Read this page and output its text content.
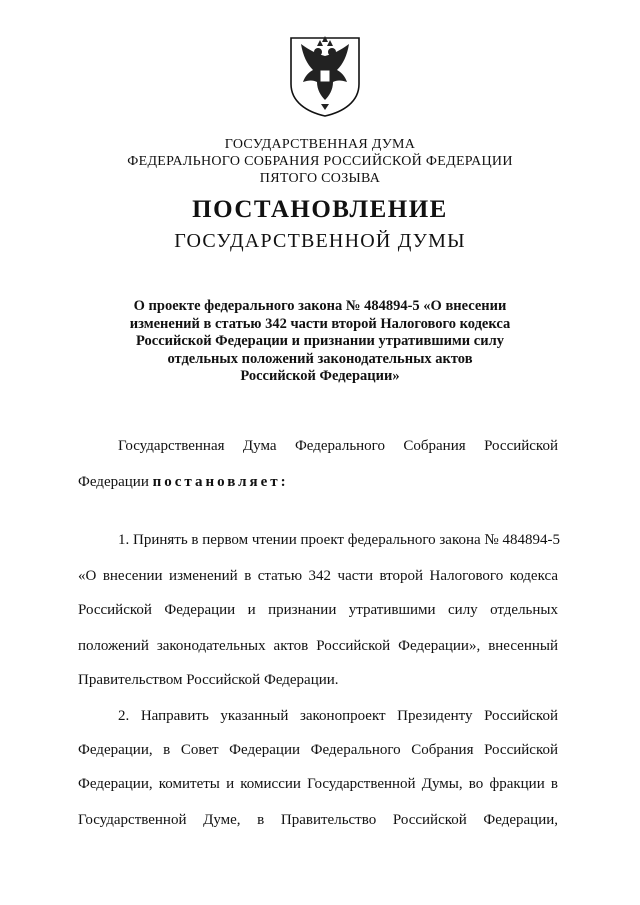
ГОСУДАРСТВЕННАЯ ДУМА
ФЕДЕРАЛЬНОГО СОБРАНИЯ РОССИЙСКОЙ ФЕДЕРАЦИИ
ПЯТОГО СОЗЫВА
ПОСТАНОВЛЕНИЕ
ГОСУДАРСТВЕННОЙ ДУМЫ
О проекте федерального закона № 484894-5 «О внесении
изменений в статью 342 части второй Налогового кодекса
Российской Федерации и признании утратившими силу
отдельных положений законодательных актов
Российской Федерации»
Государственная Дума Федерального Собрания Российской
Федерации постановляет:
1. Принять в первом чтении проект федерального закона № 484894-5
«О внесении изменений в статью 342 части второй Налогового кодекса
Российской Федерации и признании утратившими силу отдельных
положений законодательных актов Российской Федерации», внесенный
Правительством Российской Федерации.
2. Направить указанный законопроект Президенту Российской
Федерации, в Совет Федерации Федерального Собрания Российской
Федерации, комитеты и комиссии Государственной Думы, во фракции в
Государственной Думе, в Правительство Российской Федерации,
